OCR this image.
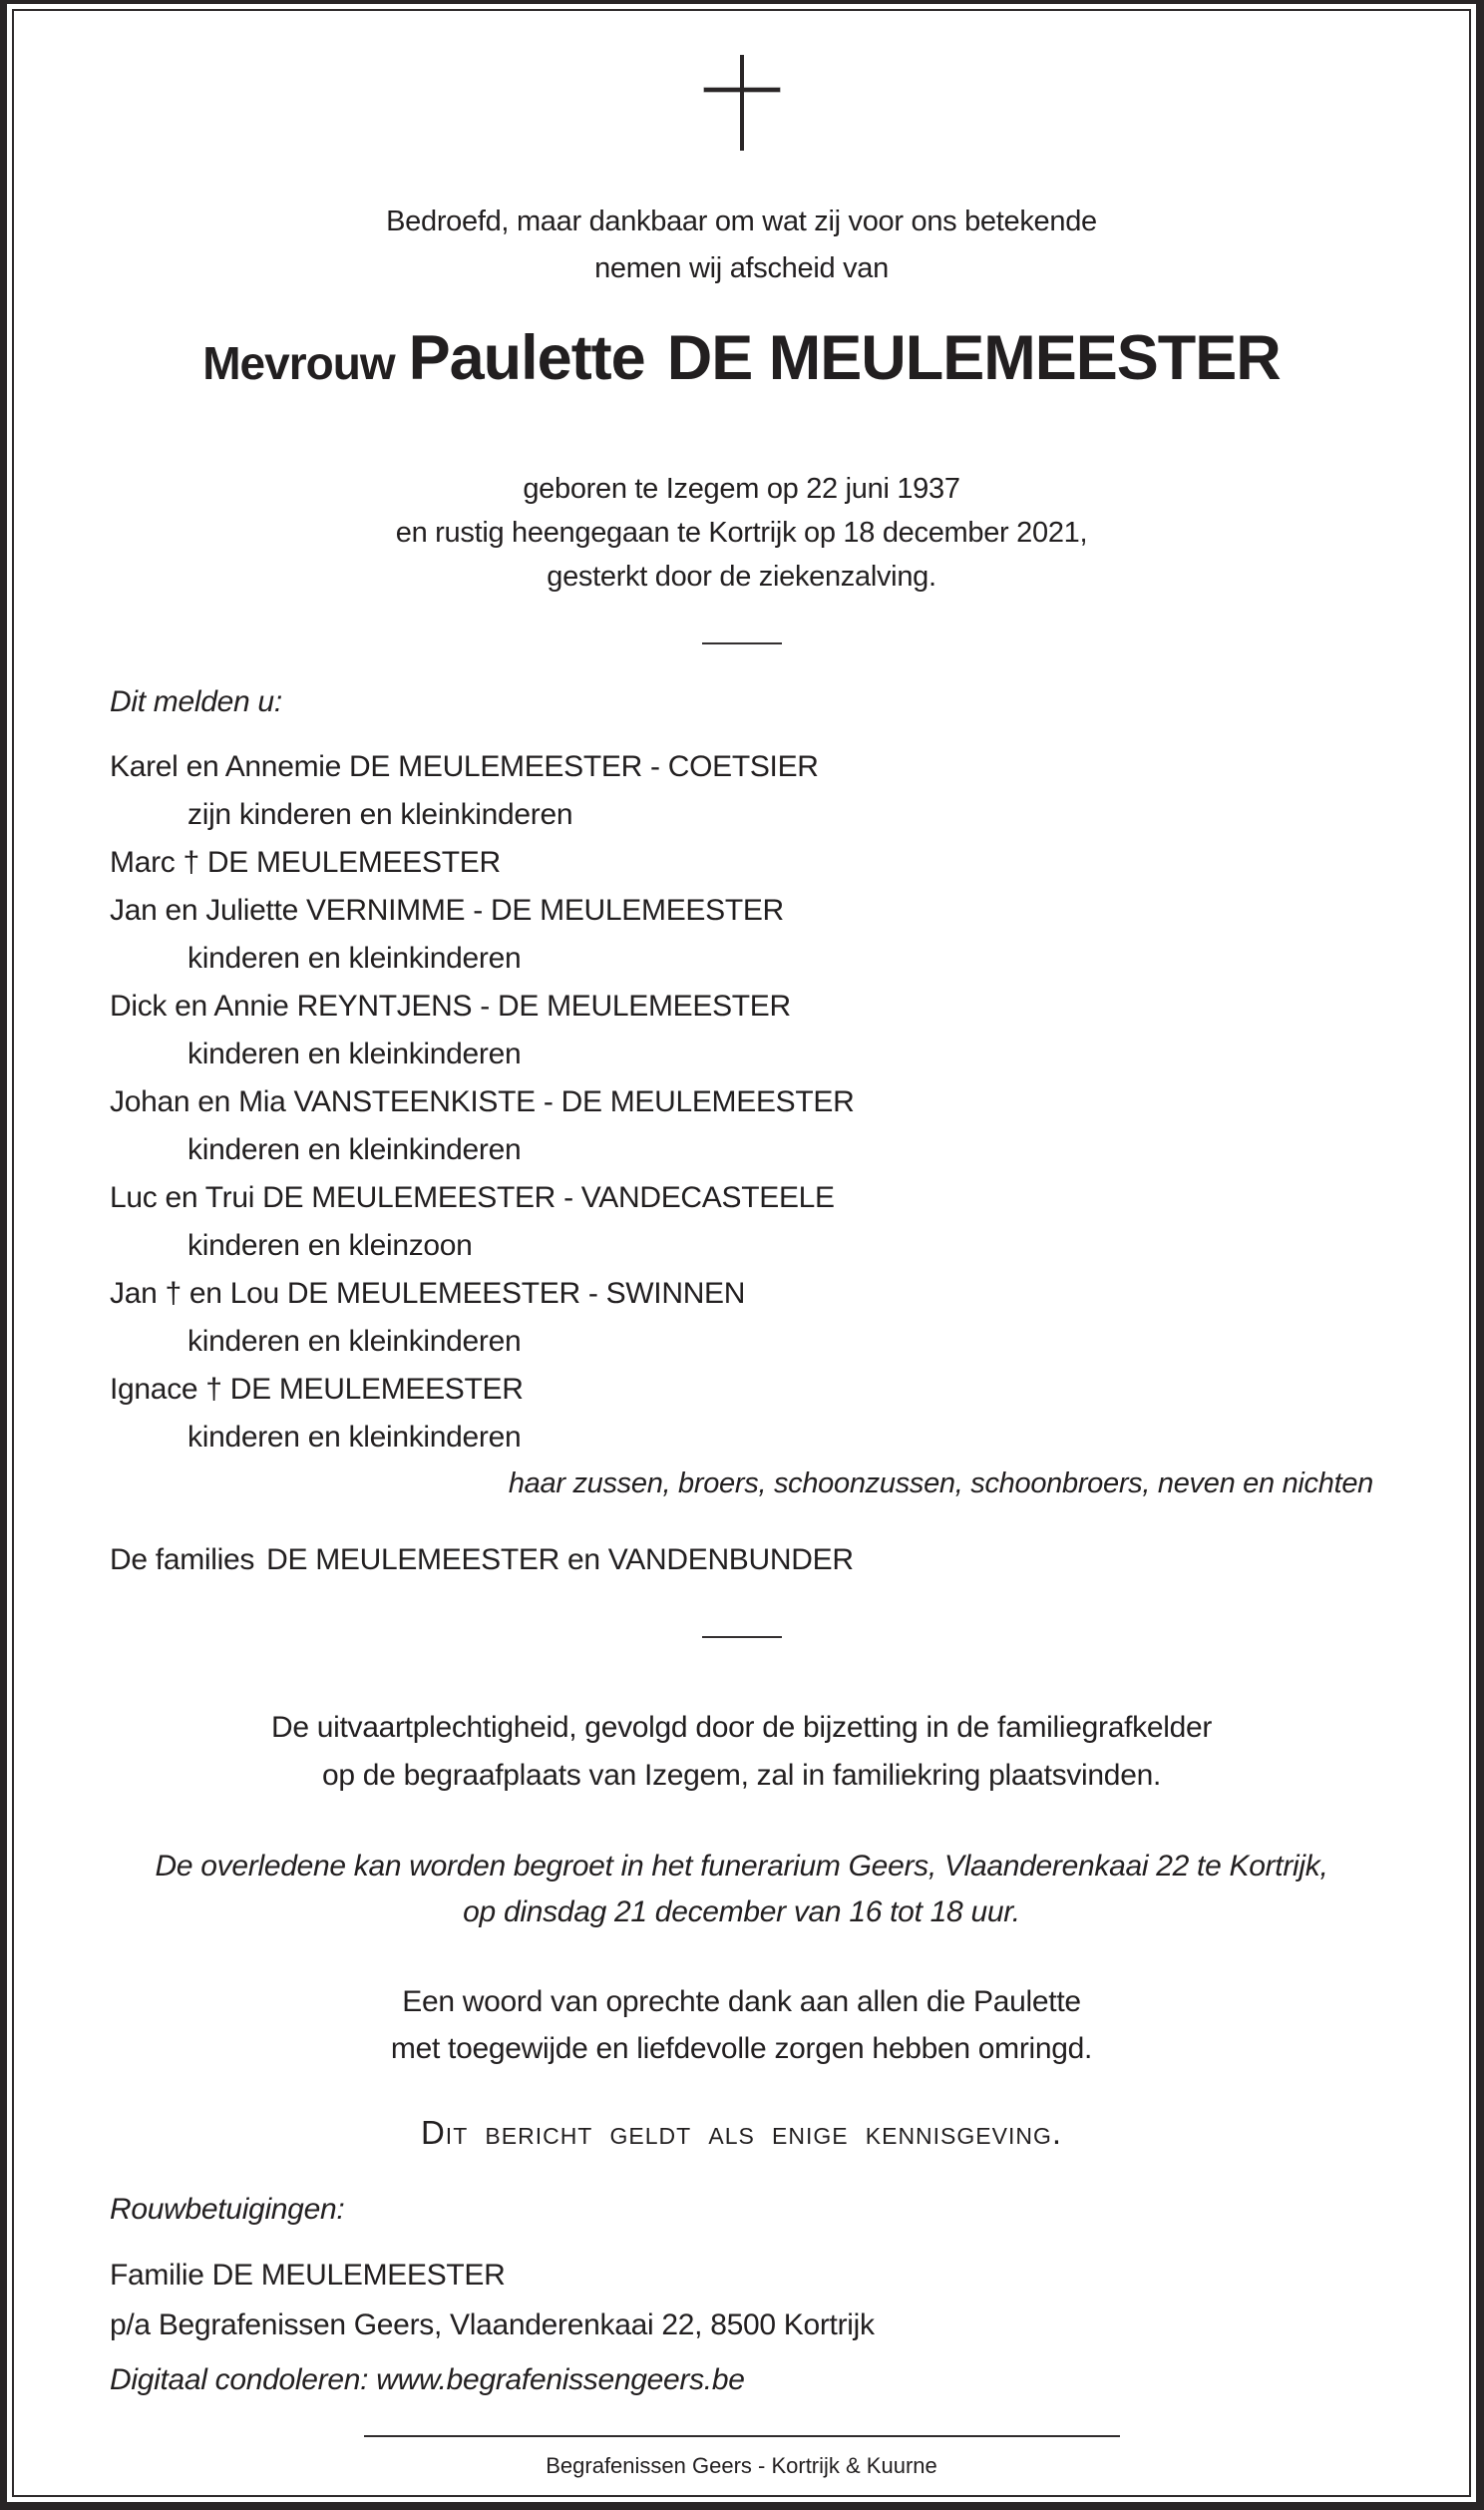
Bedroefd, maar dankbaar om wat zij voor ons betekende
nemen wij afscheid van
Mevrouw Paulette DE MEULEMEESTER
geboren te Izegem op 22 juni 1937
en rustig heengegaan te Kortrijk op 18 december 2021,
gesterkt door de ziekenzalving.
Dit melden u:
Karel en Annemie DE MEULEMEESTER - COETSIER
zijn kinderen en kleinkinderen
Marc † DE MEULEMEESTER
Jan en Juliette VERNIMME - DE MEULEMEESTER
kinderen en kleinkinderen
Dick en Annie REYNTJENS - DE MEULEMEESTER
kinderen en kleinkinderen
Johan en Mia VANSTEENKISTE - DE MEULEMEESTER
kinderen en kleinkinderen
Luc en Trui DE MEULEMEESTER - VANDECASTEELE
kinderen en kleinzoon
Jan † en Lou DE MEULEMEESTER - SWINNEN
kinderen en kleinkinderen
Ignace † DE MEULEMEESTER
kinderen en kleinkinderen
haar zussen, broers, schoonzussen, schoonbroers, neven en nichten
De families DE MEULEMEESTER en VANDENBUNDER
De uitvaartplechtigheid, gevolgd door de bijzetting in de familiegrafkelder
op de begraafplaats van Izegem, zal in familiekring plaatsvinden.
De overledene kan worden begroet in het funerarium Geers, Vlaanderenkaai 22 te Kortrijk,
op dinsdag 21 december van 16 tot 18 uur.
Een woord van oprechte dank aan allen die Paulette
met toegewijde en liefdevolle zorgen hebben omringd.
Dit bericht geldt als enige kennisgeving.
Rouwbetuigingen:
Familie DE MEULEMEESTER
p/a Begrafenissen Geers, Vlaanderenkaai 22, 8500 Kortrijk
Digitaal condoleren: www.begrafenissengeers.be
Begrafenissen Geers - Kortrijk & Kuurne
